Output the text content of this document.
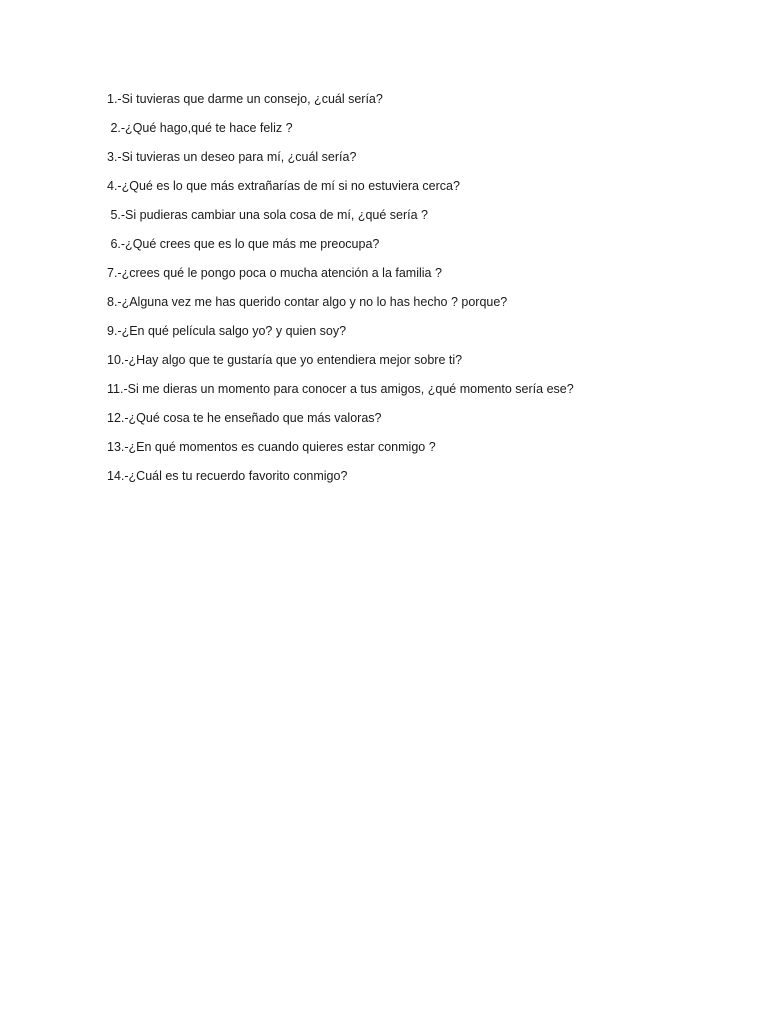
1.-Si tuvieras que darme un consejo, ¿cuál sería?
2.-¿Qué hago,qué te hace feliz ?
3.-Si tuvieras un deseo para mí, ¿cuál sería?
4.-¿Qué es lo que más extrañarías de mí si no estuviera cerca?
5.-Si pudieras cambiar una sola cosa de mí, ¿qué sería ?
6.-¿Qué crees que es lo que más me preocupa?
7.-¿crees qué le pongo poca o mucha atención a la familia ?
8.-¿Alguna vez me has querido contar algo y no lo has hecho ? porque?
9.-¿En qué película salgo yo? y quien soy?
10.-¿Hay algo que te gustaría que yo entendiera mejor sobre ti?
11.-Si me dieras un momento para conocer a tus amigos, ¿qué momento sería ese?
12.-¿Qué cosa te he enseñado que más valoras?
13.-¿En qué momentos es cuando quieres estar conmigo ?
14.-¿Cuál es tu recuerdo favorito conmigo?
